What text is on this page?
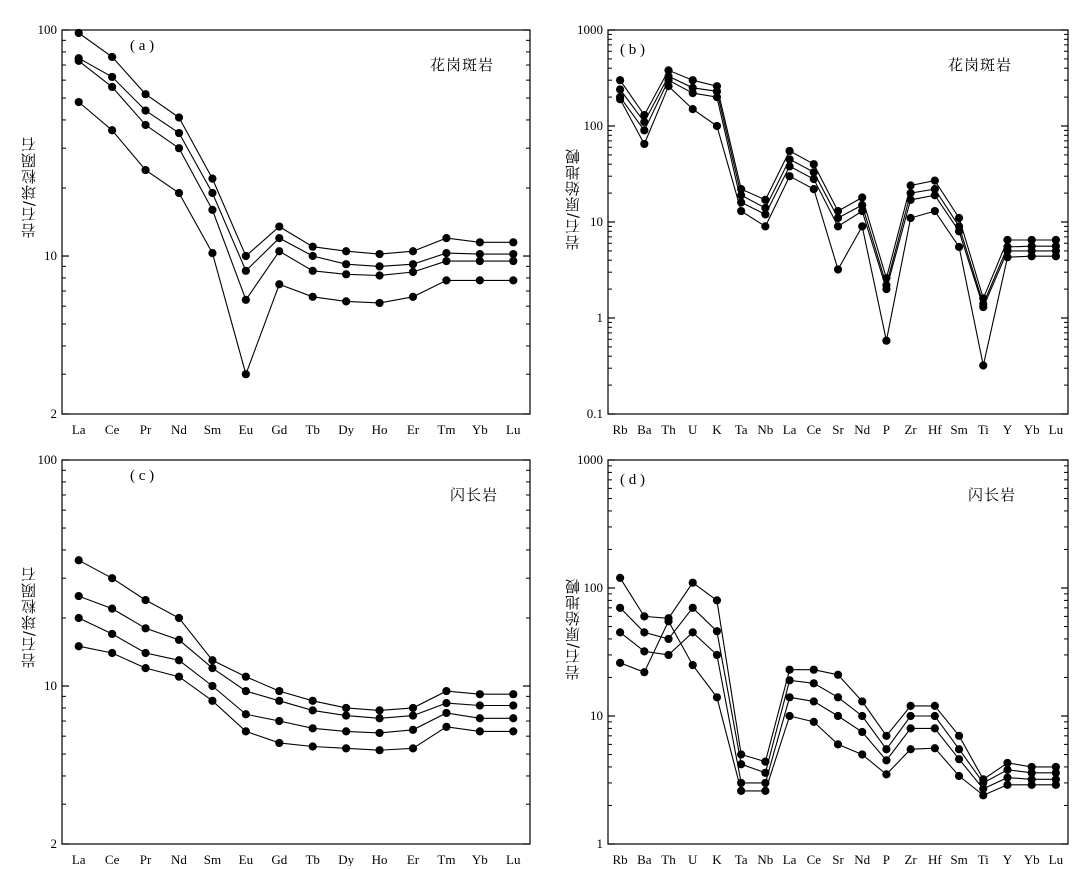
岩石/球粒陨石
( a )
花岗斑岩
100
10
2
La Ce Pr Nd Sm Eu Gd Tb Dy Ho Er Tm Yb Lu
岩石/原始地幔
( b )
花岗斑岩
1000
100
10
1
0.1
Rb Ba Th U K Ta Nb La Ce Sr Nd P Zr Hf Sm Ti Y Yb Lu
岩石/球粒陨石
( c )
闪长岩
100
10
2
La Ce Pr Nd Sm Eu Gd Tb Dy Ho Er Tm Yb Lu
岩石/原始地幔
( d )
闪长岩
1000
100
10
1
Rb Ba Th U K Ta Nb La Ce Sr Nd P Zr Hf Sm Ti Y Yb Lu
